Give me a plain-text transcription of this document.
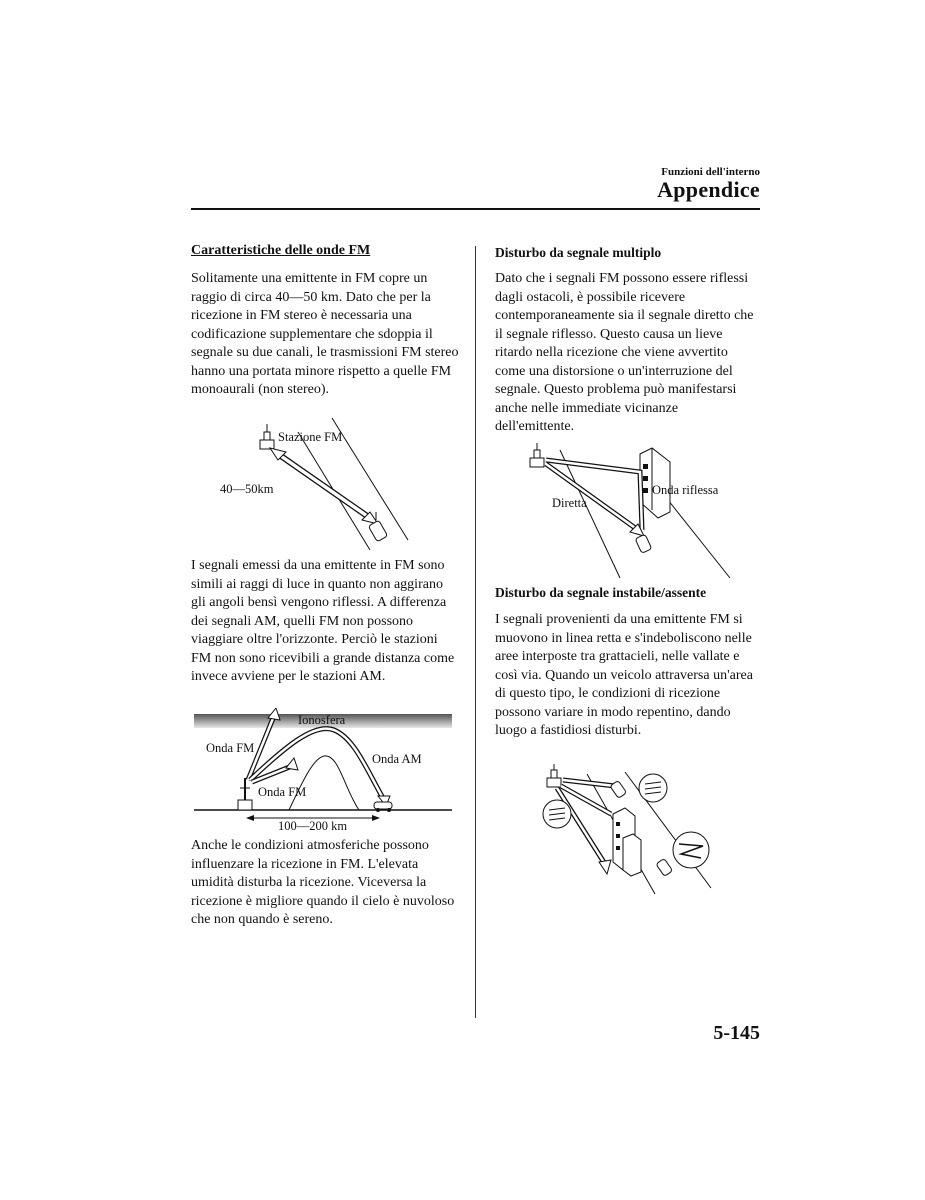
Funzioni dell'interno
Appendice
Caratteristiche delle onde FM
Solitamente una emittente in FM copre un raggio di circa 40—50 km. Dato che per la ricezione in FM stereo è necessaria una codificazione supplementare che sdoppia il segnale su due canali, le trasmissioni FM stereo hanno una portata minore rispetto a quelle FM monoaurali (non stereo).
Stazione FM
40—50km
I segnali emessi da una emittente in FM sono simili ai raggi di luce in quanto non aggirano gli angoli bensì vengono riflessi. A differenza dei segnali AM, quelli FM non possono viaggiare oltre l'orizzonte. Perciò le stazioni FM non sono ricevibili a grande distanza come invece avviene per le stazioni AM.
Ionosfera
Onda FM
Onda AM
Onda FM
100—200 km
Anche le condizioni atmosferiche possono influenzare la ricezione in FM. L'elevata umidità disturba la ricezione. Viceversa la ricezione è migliore quando il cielo è nuvoloso che non quando è sereno.
Disturbo da segnale multiplo
Dato che i segnali FM possono essere riflessi dagli ostacoli, è possibile ricevere contemporaneamente sia il segnale diretto che il segnale riflesso. Questo causa un lieve ritardo nella ricezione che viene avvertito come una distorsione o un'interruzione del segnale. Questo problema può manifestarsi anche nelle immediate vicinanze dell'emittente.
Onda riflessa
Diretta
Disturbo da segnale instabile/assente
I segnali provenienti da una emittente FM si muovono in linea retta e s'indeboliscono nelle aree interposte tra grattacieli, nelle vallate e così via. Quando un veicolo attraversa un'area di questo tipo, le condizioni di ricezione possono variare in modo repentino, dando luogo a fastidiosi disturbi.
5-145
